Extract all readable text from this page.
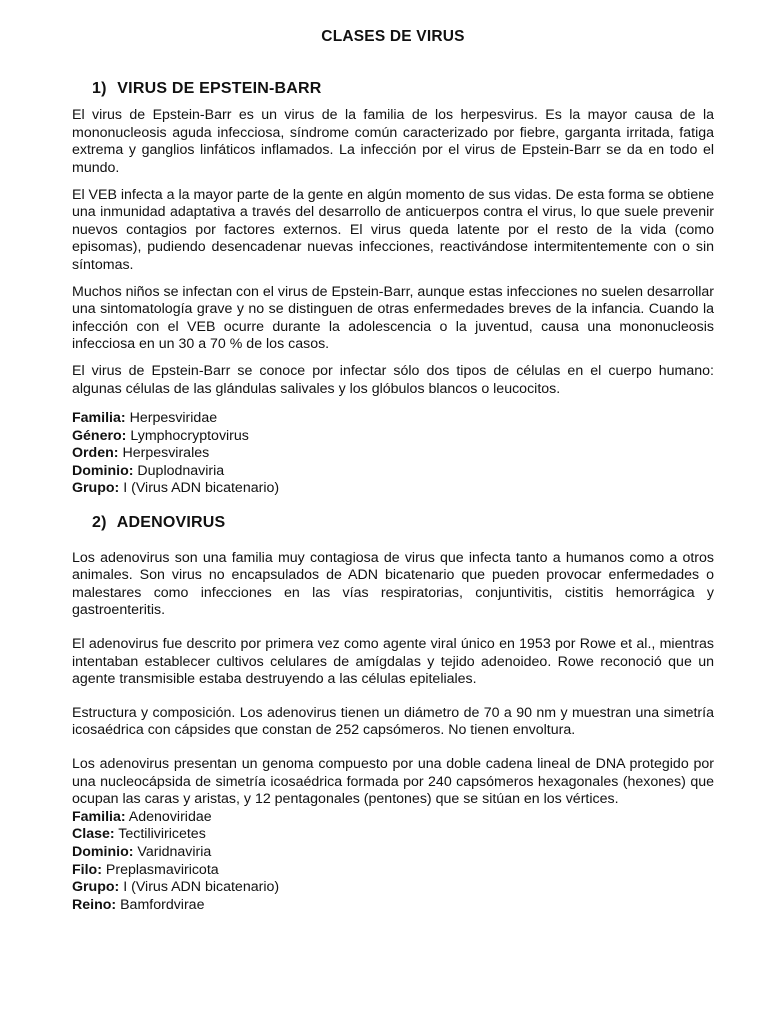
CLASES DE VIRUS
1) VIRUS DE EPSTEIN-BARR

El virus de Epstein-Barr es un virus de la familia de los herpesvirus. Es la mayor causa de la mononucleosis aguda infecciosa, síndrome común caracterizado por fiebre, garganta irritada, fatiga extrema y ganglios linfáticos inflamados. La infección por el virus de Epstein-Barr se da en todo el mundo.

El VEB infecta a la mayor parte de la gente en algún momento de sus vidas. De esta forma se obtiene una inmunidad adaptativa a través del desarrollo de anticuerpos contra el virus, lo que suele prevenir nuevos contagios por factores externos. El virus queda latente por el resto de la vida (como episomas), pudiendo desencadenar nuevas infecciones, reactivándose intermitentemente con o sin síntomas.

Muchos niños se infectan con el virus de Epstein-Barr, aunque estas infecciones no suelen desarrollar una sintomatología grave y no se distinguen de otras enfermedades breves de la infancia. Cuando la infección con el VEB ocurre durante la adolescencia o la juventud, causa una mononucleosis infecciosa en un 30 a 70 % de los casos.

El virus de Epstein-Barr se conoce por infectar sólo dos tipos de células en el cuerpo humano: algunas células de las glándulas salivales y los glóbulos blancos o leucocitos.

Familia: Herpesviridae
Género: Lymphocryptovirus
Orden: Herpesvirales
Dominio: Duplodnaviria
Grupo: I (Virus ADN bicatenario)
2) ADENOVIRUS

Los adenovirus son una familia muy contagiosa de virus que infecta tanto a humanos como a otros animales. Son virus no encapsulados de ADN bicatenario que pueden provocar enfermedades o malestares como infecciones en las vías respiratorias, conjuntivitis, cistitis hemorrágica y gastroenteritis.

El adenovirus fue descrito por primera vez como agente viral único en 1953 por Rowe et al., mientras intentaban establecer cultivos celulares de amígdalas y tejido adenoideo. Rowe reconoció que un agente transmisible estaba destruyendo a las células epiteliales.

Estructura y composición. Los adenovirus tienen un diámetro de 70 a 90 nm y muestran una simetría icosaédrica con cápsides que constan de 252 capsómeros. No tienen envoltura.

Los adenovirus presentan un genoma compuesto por una doble cadena lineal de DNA protegido por una nucleocápsida de simetría icosaédrica formada por 240 capsómeros hexagonales (hexones) que ocupan las caras y aristas, y 12 pentagonales (pentones) que se sitúan en los vértices.

Familia: Adenoviridae
Clase: Tectiliviricetes
Dominio: Varidnaviria
Filo: Preplasmaviricota
Grupo: I (Virus ADN bicatenario)
Reino: Bamfordvirae
